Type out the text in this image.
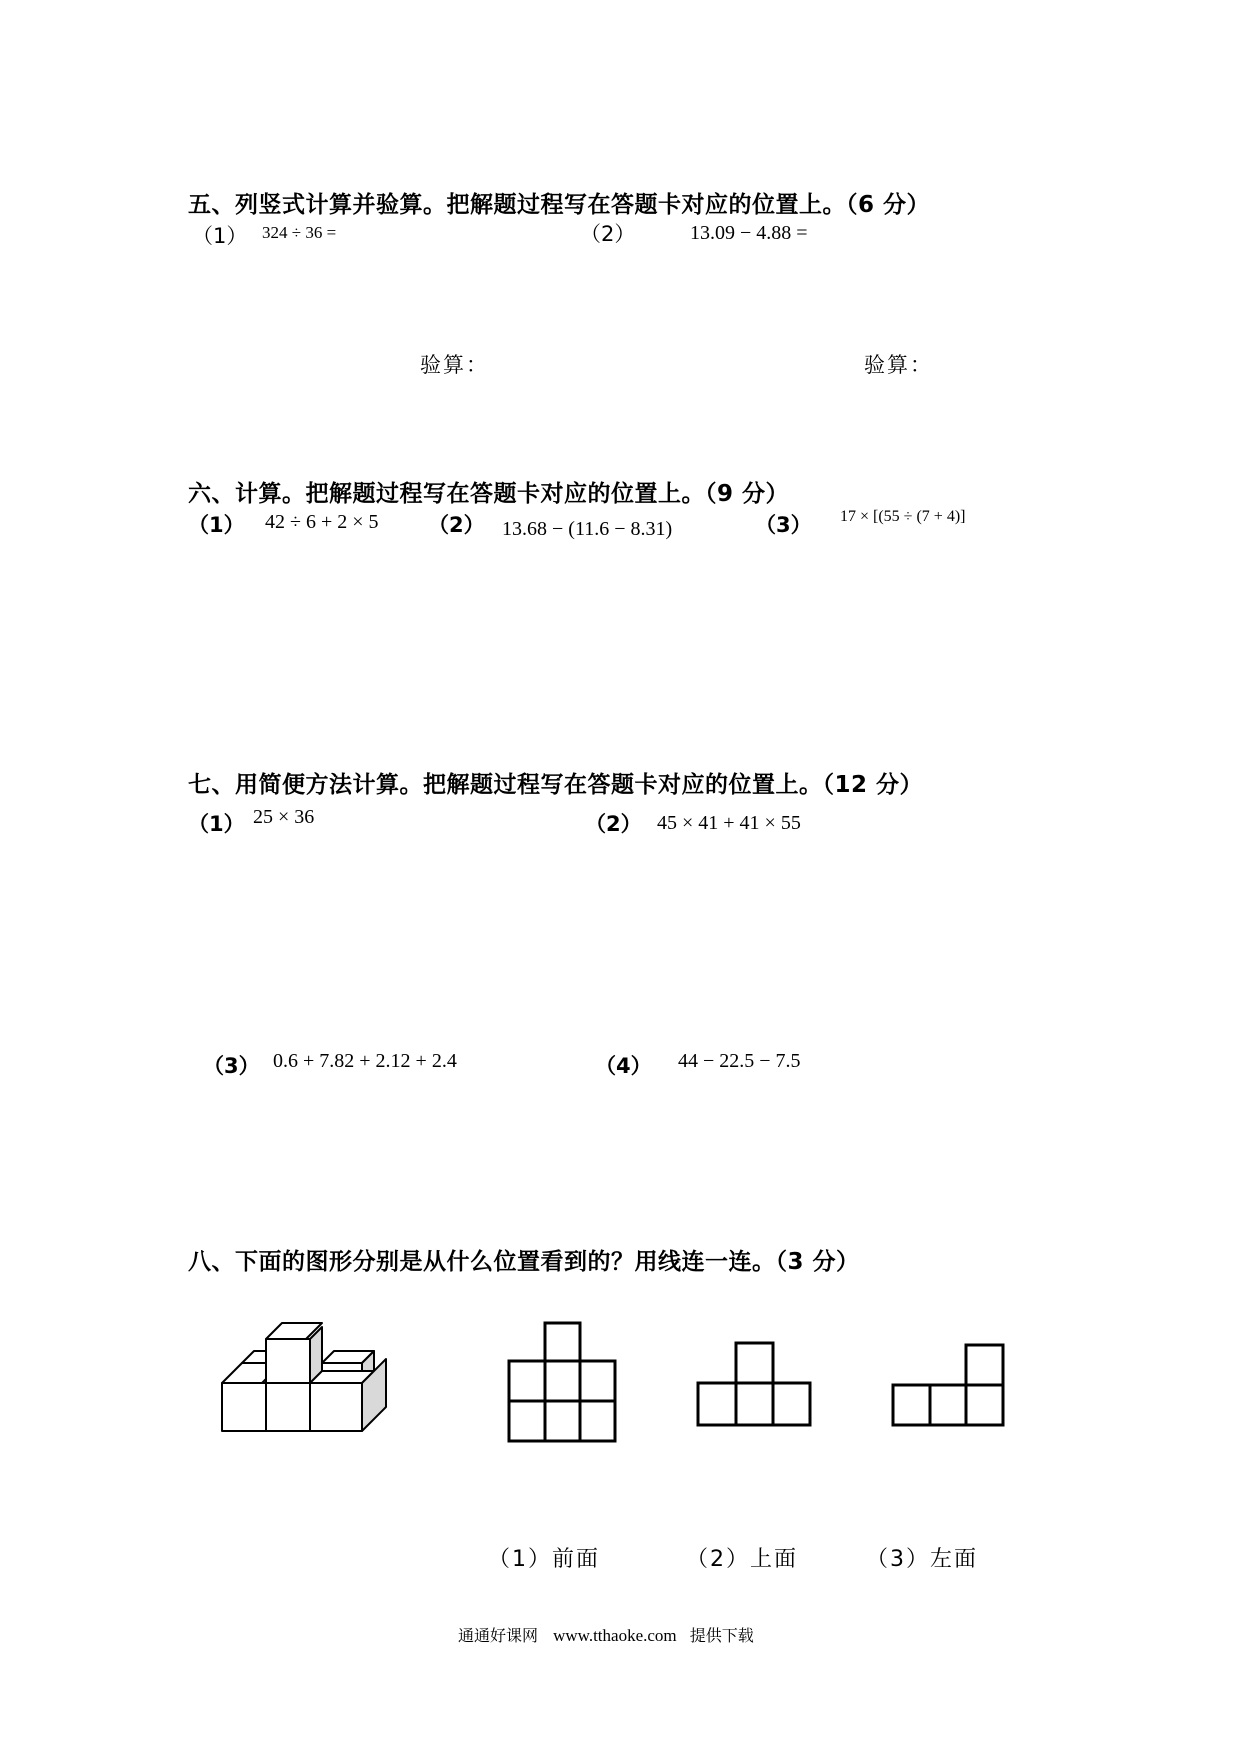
五、列竖式计算并验算。把解题过程写在答题卡对应的位置上。（6 分）
（1） 324 ÷ 36 =	（2）	13.09 − 4.88 =
验算：	验算：
六、计算。把解题过程写在答题卡对应的位置上。（9 分）
（1） 42 ÷ 6 + 2 × 5 （2） 13.68 − (11.6 − 8.31)	（3） 17 × [(55 ÷ (7 + 4)]
七、用简便方法计算。把解题过程写在答题卡对应的位置上。（12 分）
（1） 25 × 36	（2） 45 × 41 + 41 × 55
（3） 0.6 + 7.82 + 2.12 + 2.4	（4） 44 − 22.5 − 7.5
八、下面的图形分别是从什么位置看到的？用线连一连。（3 分）
（1）前面	（2）上面	（3）左面
通通好课网 www.tthaoke.com 提供下载
